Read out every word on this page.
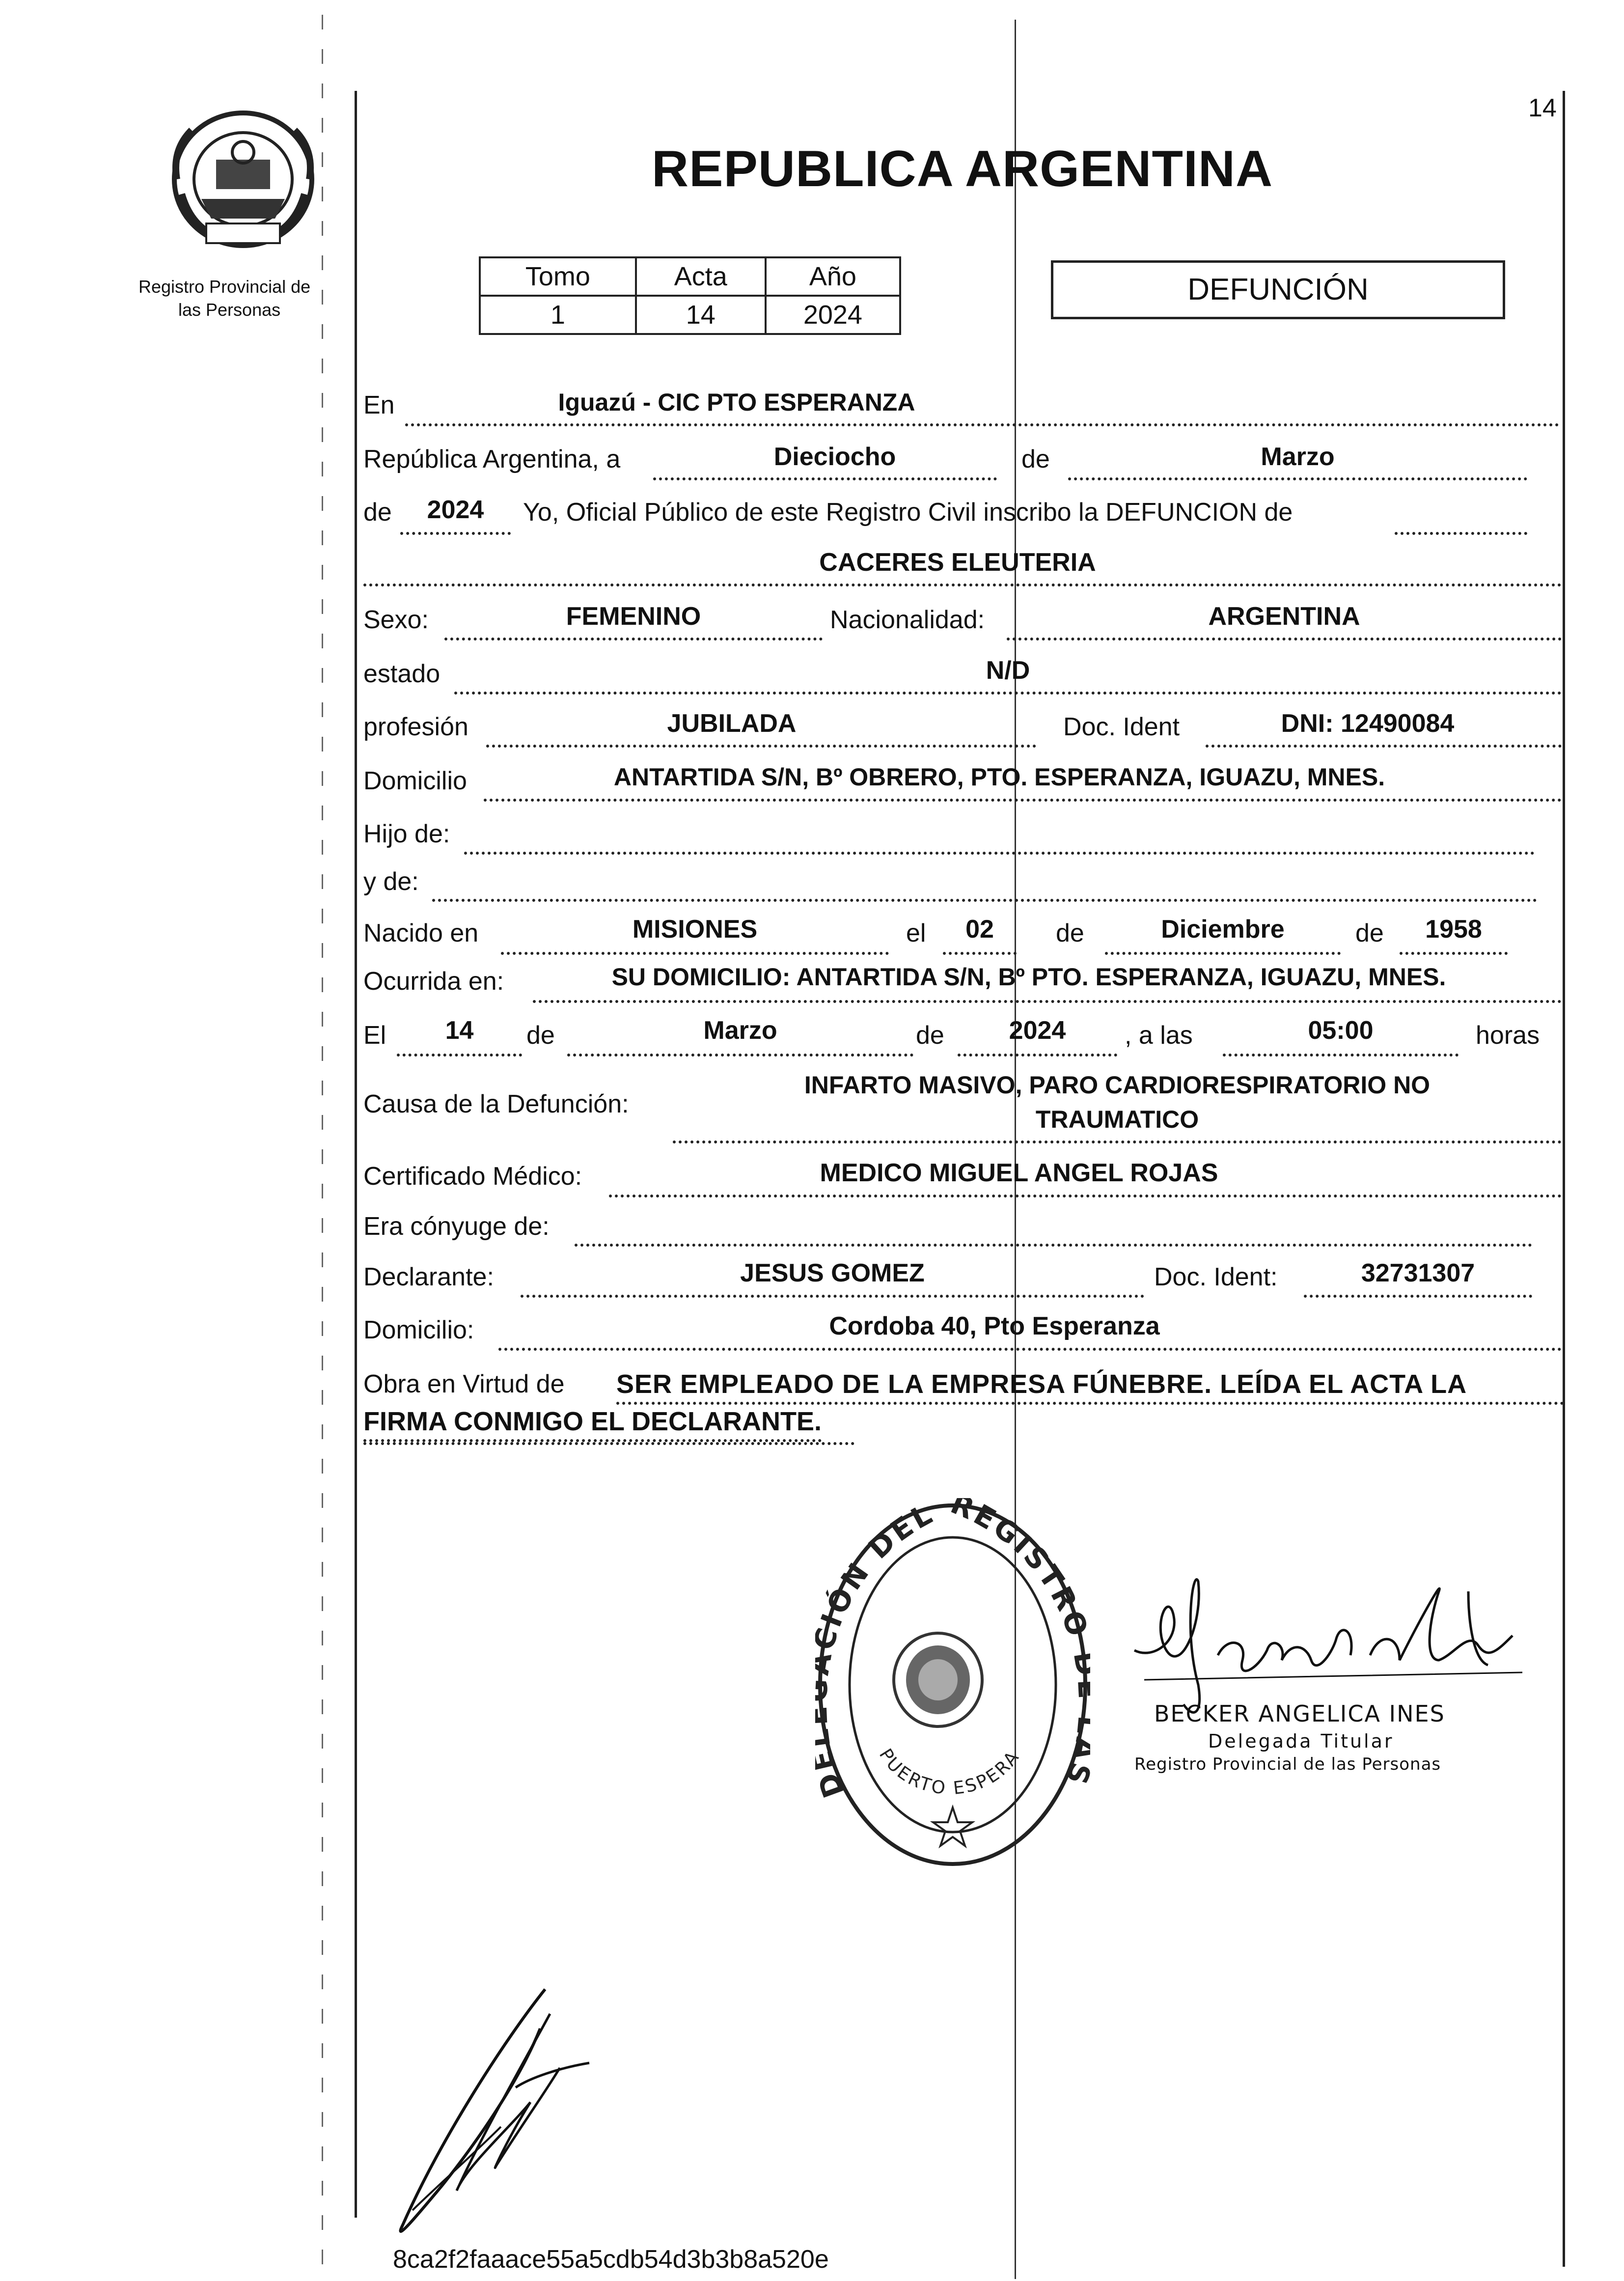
14
Registro Provincial de
las Personas
REPUBLICA ARGENTINA
Tomo	Acta	Año
1	14	2024
DEFUNCIÓN
En	Iguazú - CIC PTO ESPERANZA
República Argentina, a	Dieciocho	de	Marzo
de	2024	Yo, Oficial Público de este Registro Civil inscribo la DEFUNCION de
CACERES ELEUTERIA
Sexo:	FEMENINO	Nacionalidad:	ARGENTINA
estado	N/D
profesión	JUBILADA	Doc. Ident	DNI: 12490084
Domicilio	ANTARTIDA S/N, Bº OBRERO, PTO. ESPERANZA, IGUAZU, MNES.
Hijo de:
y de:
Nacido en	MISIONES	el	02	de	Diciembre	de	1958
Ocurrida en:	SU DOMICILIO: ANTARTIDA S/N, Bº PTO. ESPERANZA, IGUAZU, MNES.
El	14	de	Marzo	de	2024	, a las	05:00	horas
Causa de la Defunción:
INFARTO MASIVO, PARO CARDIORESPIRATORIO NO
TRAUMATICO
Certificado Médico:	MEDICO MIGUEL ANGEL ROJAS
Era cónyuge de:
Declarante:	JESUS GOMEZ	Doc. Ident:	32731307
Domicilio:	Cordoba 40, Pto Esperanza
Obra en Virtud de SER EMPLEADO DE LA EMPRESA FÚNEBRE. LEÍDA EL ACTA LA
FIRMA CONMIGO EL DECLARANTE.
IÓN DEL REGISTR
PUERTO ESPERA
BECKER ANGELICA INES
Delegada Titular
Registro Provincial de las Personas
8ca2f2faaace55a5cdb54d3b3b8a520e
